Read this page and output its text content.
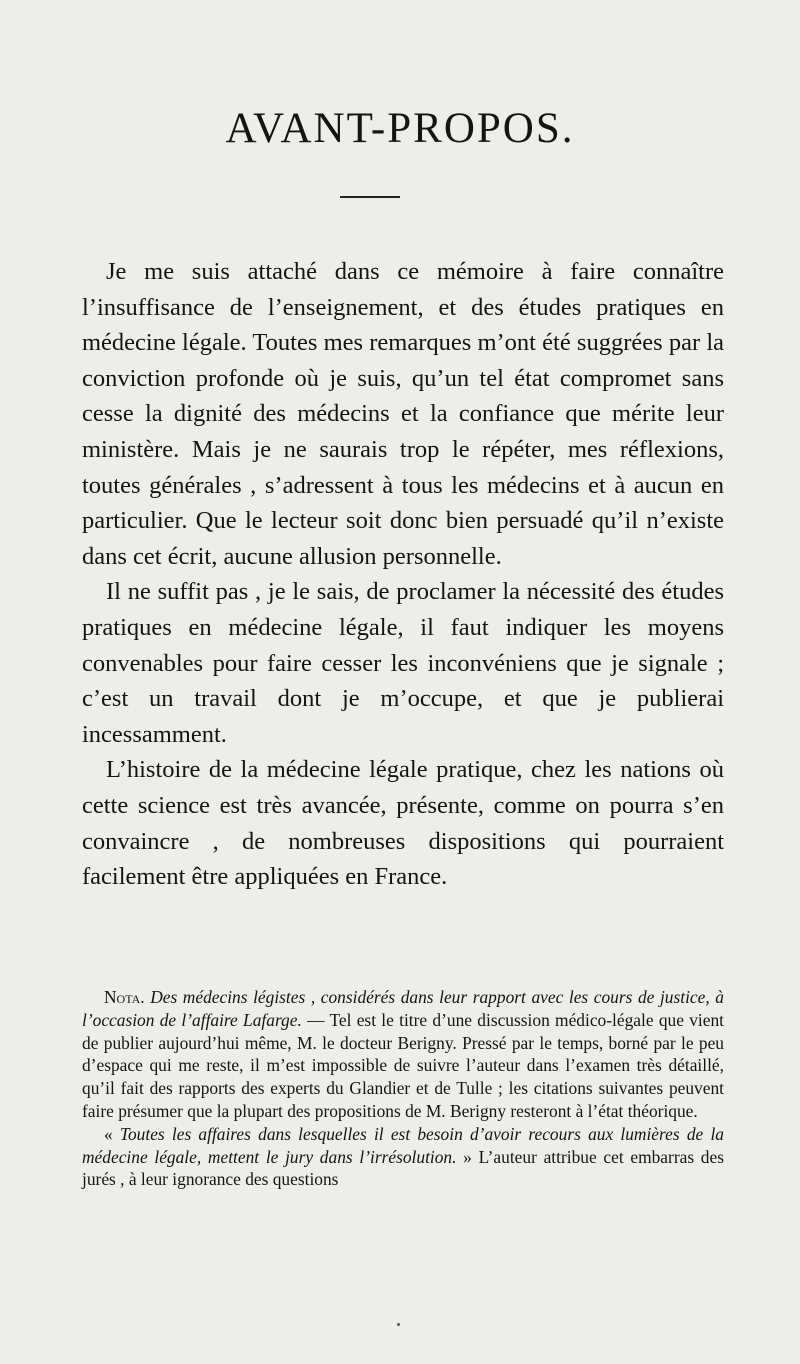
AVANT-PROPOS.

Je me suis attaché dans ce mémoire à faire connaître l’insuffisance de l’enseignement, et des études pratiques en médecine légale. Toutes mes remarques m’ont été suggrées par la conviction profonde où je suis, qu’un tel état compromet sans cesse la dignité des médecins et la confiance que mérite leur ministère. Mais je ne saurais trop le répéter, mes réflexions, toutes générales , s’adressent à tous les médecins et à aucun en particulier. Que le lecteur soit donc bien persuadé qu’il n’existe dans cet écrit, aucune allusion personnelle.

Il ne suffit pas , je le sais, de proclamer la nécessité des études pratiques en médecine légale, il faut indiquer les moyens convenables pour faire cesser les inconvéniens que je signale ; c’est un travail dont je m’occupe, et que je publierai incessamment.

L’histoire de la médecine légale pratique, chez les nations où cette science est très avancée, présente, comme on pourra s’en convaincre , de nombreuses dispositions qui pourraient facilement être appliquées en France.

Nota. Des médecins légistes , considérés dans leur rapport avec les cours de justice, à l’occasion de l’affaire Lafarge. — Tel est le titre d’une discussion médico-légale que vient de publier aujourd’hui même, M. le docteur Berigny. Pressé par le temps, borné par le peu d’espace qui me reste, il m’est impossible de suivre l’auteur dans l’examen très détaillé, qu’il fait des rapports des experts du Glandier et de Tulle ; les citations suivantes peuvent faire présumer que la plupart des propositions de M. Berigny resteront à l’état théorique.

« Toutes les affaires dans lesquelles il est besoin d’avoir recours aux lumières de la médecine légale, mettent le jury dans l’irrésolution. » L’auteur attribue cet embarras des jurés , à leur ignorance des questions
